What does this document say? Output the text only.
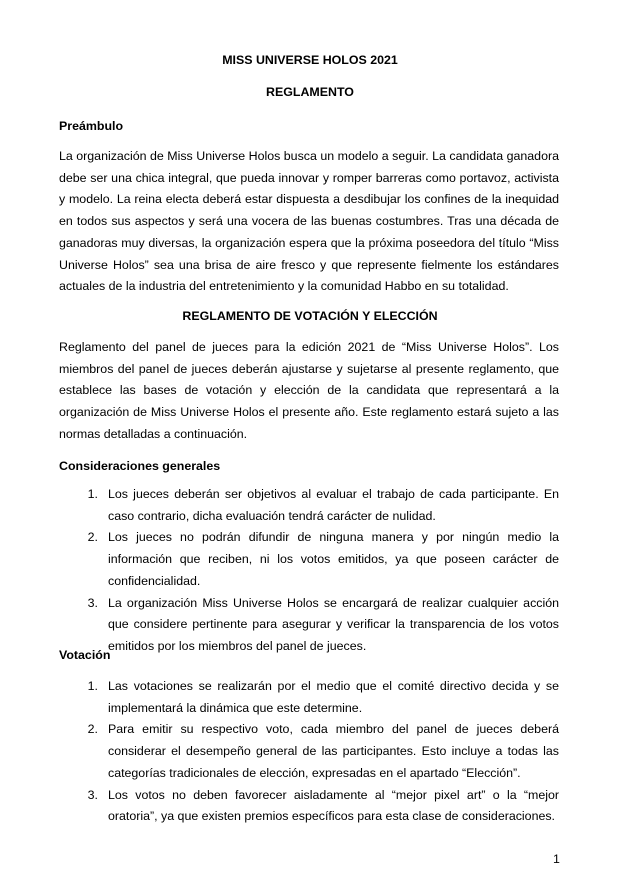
MISS UNIVERSE HOLOS 2021

REGLAMENTO

Preámbulo

La organización de Miss Universe Holos busca un modelo a seguir. La candidata ganadora debe ser una chica integral, que pueda innovar y romper barreras como portavoz, activista y modelo. La reina electa deberá estar dispuesta a desdibujar los confines de la inequidad en todos sus aspectos y será una vocera de las buenas costumbres. Tras una década de ganadoras muy diversas, la organización espera que la próxima poseedora del título “Miss Universe Holos” sea una brisa de aire fresco y que represente fielmente los estándares actuales de la industria del entretenimiento y la comunidad Habbo en su totalidad.

REGLAMENTO DE VOTACIÓN Y ELECCIÓN

Reglamento del panel de jueces para la edición 2021 de “Miss Universe Holos”. Los miembros del panel de jueces deberán ajustarse y sujetarse al presente reglamento, que establece las bases de votación y elección de la candidata que representará a la organización de Miss Universe Holos el presente año. Este reglamento estará sujeto a las normas detalladas a continuación.

Consideraciones generales

1. Los jueces deberán ser objetivos al evaluar el trabajo de cada participante. En caso contrario, dicha evaluación tendrá carácter de nulidad.
2. Los jueces no podrán difundir de ninguna manera y por ningún medio la información que reciben, ni los votos emitidos, ya que poseen carácter de confidencialidad.
3. La organización Miss Universe Holos se encargará de realizar cualquier acción que considere pertinente para asegurar y verificar la transparencia de los votos emitidos por los miembros del panel de jueces.

Votación

1. Las votaciones se realizarán por el medio que el comité directivo decida y se implementará la dinámica que este determine.
2. Para emitir su respectivo voto, cada miembro del panel de jueces deberá considerar el desempeño general de las participantes. Esto incluye a todas las categorías tradicionales de elección, expresadas en el apartado “Elección”.
3. Los votos no deben favorecer aisladamente al “mejor pixel art” o la “mejor oratoria”, ya que existen premios específicos para esta clase de consideraciones.

1
